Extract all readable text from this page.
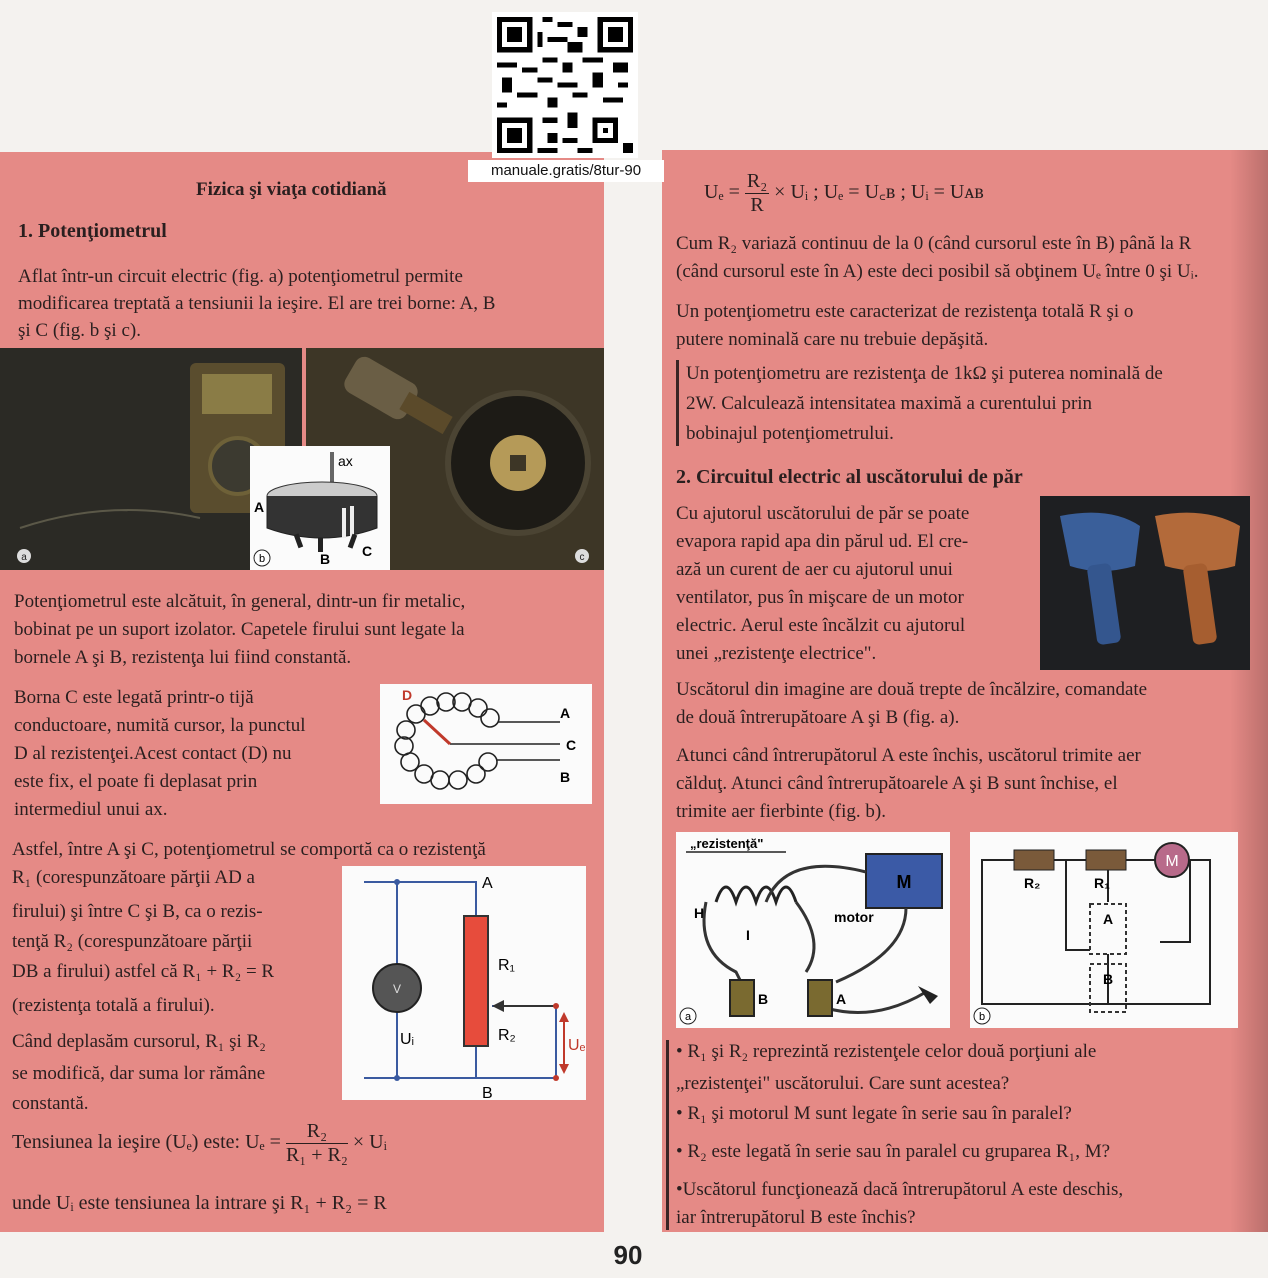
manuale.gratis/8tur-90
Fizica şi viaţa cotidiană
1. Potenţiometrul
Aflat într-un circuit electric (fig. a) potenţiometrul permite
modificarea treptată a tensiunii la ieşire. El are trei borne: A, B
şi C (fig. b şi c).
a	c
ax
A
B C
b
Potenţiometrul este alcătuit, în general, dintr-un fir metalic,
bobinat pe un suport izolator. Capetele firului sunt legate la
bornele A şi B, rezistenţa lui fiind constantă.
Borna C este legată printr-o tijă
conductoare, numită cursor, la punctul
D al rezistenţei.Acest contact (D) nu
este fix, el poate fi deplasat prin
intermediul unui ax.
D
A
C
B
Astfel, între A şi C, potenţiometrul se comportă ca o rezistenţă
R₁ (corespunzătoare părţii AD a
firului) şi între C şi B, ca o rezis-
tenţă R₂ (corespunzătoare părţii
DB a firului) astfel că R₁ + R₂ = R
(rezistenţa totală a firului).
Când deplasăm cursorul, R₁ şi R₂
se modifică, dar suma lor rămâne
constantă.
V
A
B
R₁
R₂
Uᵢ	Uₑ
Tensiunea la ieşire (Uₑ) este: $U_e = \frac{\text{R₂}}{\text{R₁ + R₂}}$ × Uᵢ
unde Uᵢ este tensiunea la intrare şi R₁ + R₂ = R
$U_e = \frac{\text{R₂}}{R}$ × Uᵢ ; Uₑ = U꜀ʙ ; Uᵢ = Uᴀʙ
Cum R₂ variază continuu de la 0 (când cursorul este în B) până la R
(când cursorul este în A) este deci posibil să obţinem Uₑ între 0 şi Uᵢ.
Un potenţiometru este caracterizat de rezistenţa totală R şi o
putere nominală care nu trebuie depăşită.
Un potenţiometru are rezistenţa de 1kΩ şi puterea nominală de
2W. Calculează intensitatea maximă a curentului prin
bobinajul potenţiometrului.
2. Circuitul electric al uscătorului de păr
Cu ajutorul uscătorului de păr se poate
evapora rapid apa din părul ud. El cre-
ază un curent de aer cu ajutorul unui
ventilator, pus în mişcare de un motor
electric. Aerul este încălzit cu ajutorul
unei „rezistenţe electrice".
Uscătorul din imagine are două trepte de încălzire, comandate
de două întrerupătoare A şi B (fig. a).
Atunci când întrerupătorul A este închis, uscătorul trimite aer
călduţ. Atunci când întrerupătoarele A şi B sunt închise, el
trimite aer fierbinte (fig. b).
„rezistenţă"
M
motor
H
I
B	A
a
M
R₂	R₁
A
B
b
• R₁ şi R₂ reprezintă rezistenţele celor două porţiuni ale
„rezistenţei" uscătorului. Care sunt acestea?
• R₁ şi motorul M sunt legate în serie sau în paralel?
• R₂ este legată în serie sau în paralel cu gruparea R₁, M?
•Uscătorul funcţionează dacă întrerupătorul A este deschis,
iar întrerupătorul B este închis?
90
